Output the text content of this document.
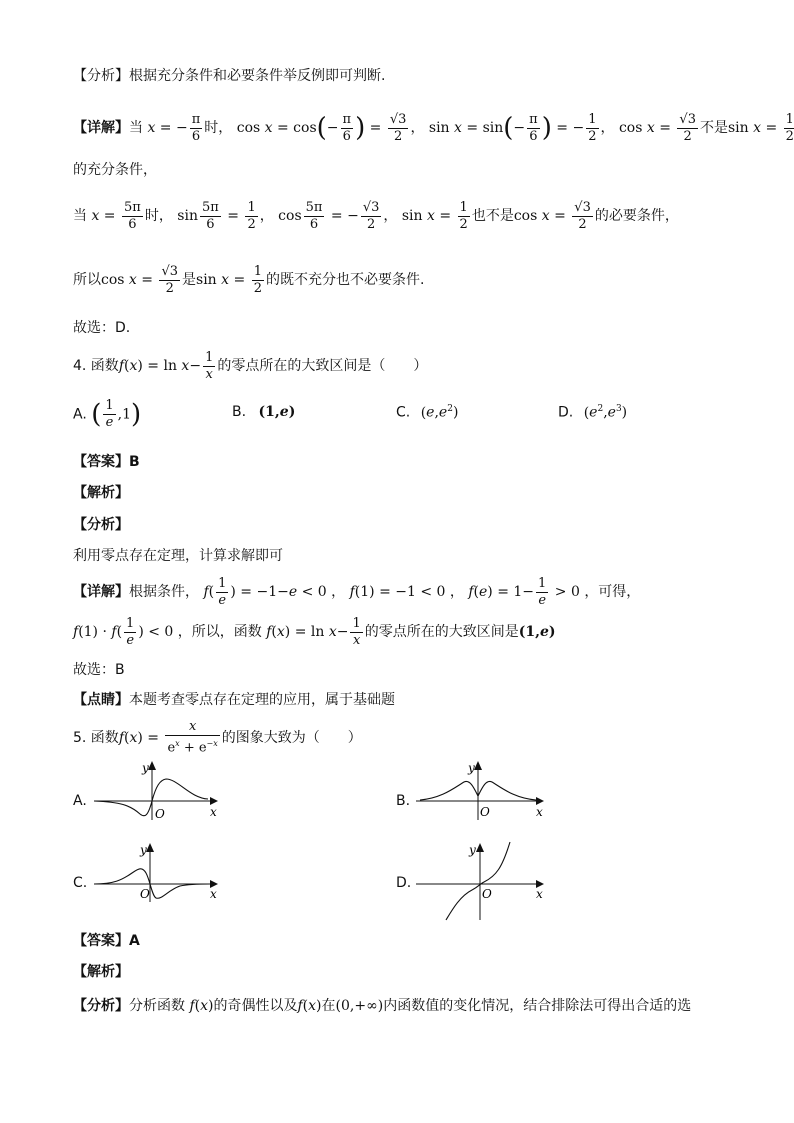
【分析】根据充分条件和必要条件举反例即可判断.
【详解】当 x = − $\frac{\pi}{6}$ 时， $\cos x = \cos(- \frac{\pi}{6}$ ) = $\frac{√3}{2}$ ， $\sin x = \sin(- \frac{\pi}{6}$ ) = − $\frac{1}{2}$ ， $\cos x = \frac{√3}{2}$ 不是$\sin x = \frac{1}{2}$
的充分条件，
当 $x = \frac{5\pi}{6}$ 时， $\sin \frac{5\pi}{6} = \frac{1}{2}$ ， $\cos \frac{5\pi}{6}$ = − $\frac{√3}{2}$ ， $\sin x = \frac{1}{2}$ 也不是$\cos x = \frac{√3}{2}$ 的必要条件，
所以$\cos x = \frac{√3}{2}$ 是$\sin x = \frac{1}{2}$ 的既不充分也不必要条件.
故选：D.
4. 函数$f(x) = \ln x- \frac{1}{x}$ 的零点所在的大致区间是（　　）
A. ( $\frac{1}{e} ,1$)	B. (1,e)	C. $(e,e^2)$	D. $(e^2,e^3)$
【答案】B
【解析】
【分析】
利用零点存在定理，计算求解即可
【详解】根据条件， $f( \frac{1}{e}$ ) = −1−e < 0 ， f(1) = −1 < 0 ， $f(e) = 1- \frac{1}{e} > 0$ ，可得，
$f(1) \cdot f( \frac{1}{e}$ ) < 0 ，所以，函数 $f(x) = \ln x- \frac{1}{x}$ 的零点所在的大致区间是(1,e)
故选：B
【点睛】本题考查零点存在定理的应用，属于基础题
5. 函数$f(x) = \frac{x}{e^x + e^{-x}}$ 的图象大致为（　　）
A.
y
x
O
B.
y
x
O
C.
y
x
O
D.
y
x
O
【答案】A
【解析】
【分析】分析函数 f(x)的奇偶性以及f(x)在(0,+∞)内函数值的变化情况，结合排除法可得出合适的选
